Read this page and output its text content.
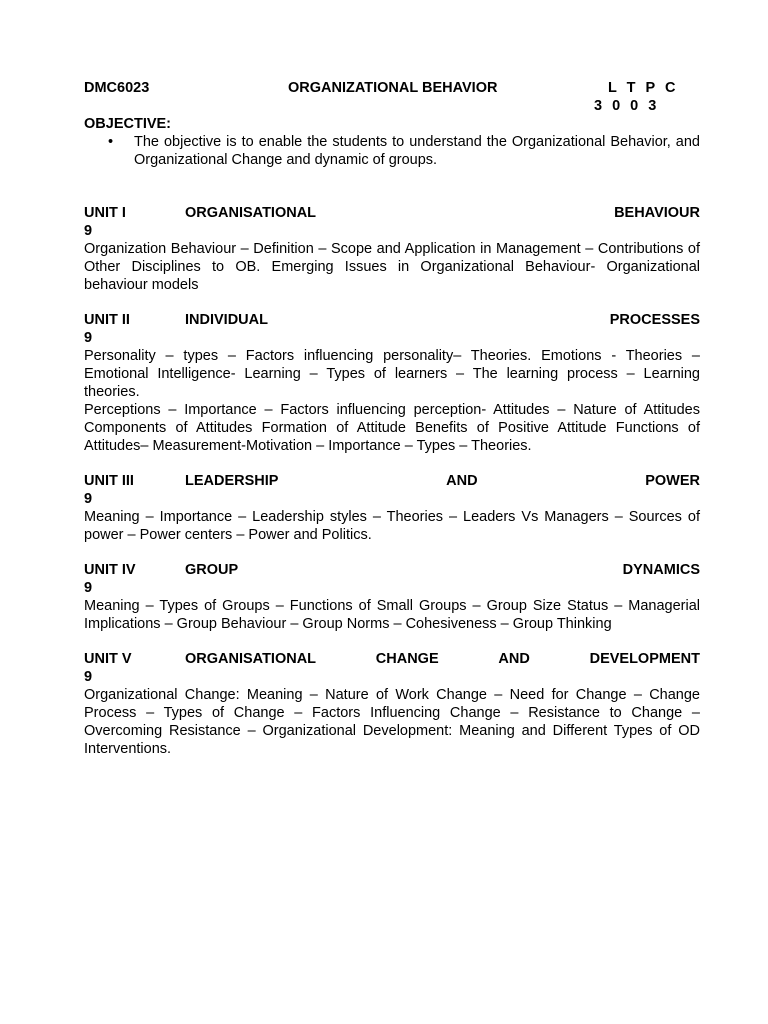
DMC6023	ORGANIZATIONAL BEHAVIOR	L T P C
3 0 0 3
OBJECTIVE:
• The objective is to enable the students to understand the Organizational Behavior, and Organizational Change and dynamic of groups.
UNIT I	ORGANISATIONAL	BEHAVIOUR
9
Organization Behaviour – Definition – Scope and Application in Management – Contributions of Other Disciplines to OB. Emerging Issues in Organizational Behaviour- Organizational behaviour models
UNIT II	INDIVIDUAL	PROCESSES
9
Personality – types – Factors influencing personality– Theories. Emotions - Theories – Emotional Intelligence- Learning – Types of learners – The learning process – Learning theories.
Perceptions – Importance – Factors influencing perception- Attitudes – Nature of Attitudes Components of Attitudes Formation of Attitude Benefits of Positive Attitude Functions of Attitudes– Measurement-Motivation – Importance – Types – Theories.
UNIT III	LEADERSHIP	AND	POWER
9
Meaning – Importance – Leadership styles – Theories – Leaders Vs Managers – Sources of power – Power centers – Power and Politics.
UNIT IV	GROUP	DYNAMICS
9
Meaning – Types of Groups – Functions of Small Groups – Group Size Status – Managerial Implications – Group Behaviour – Group Norms – Cohesiveness – Group Thinking
UNIT V	ORGANISATIONAL	CHANGE	AND	DEVELOPMENT
9
Organizational Change: Meaning – Nature of Work Change – Need for Change – Change Process – Types of Change – Factors Influencing Change – Resistance to Change – Overcoming Resistance – Organizational Development: Meaning and Different Types of OD Interventions.
